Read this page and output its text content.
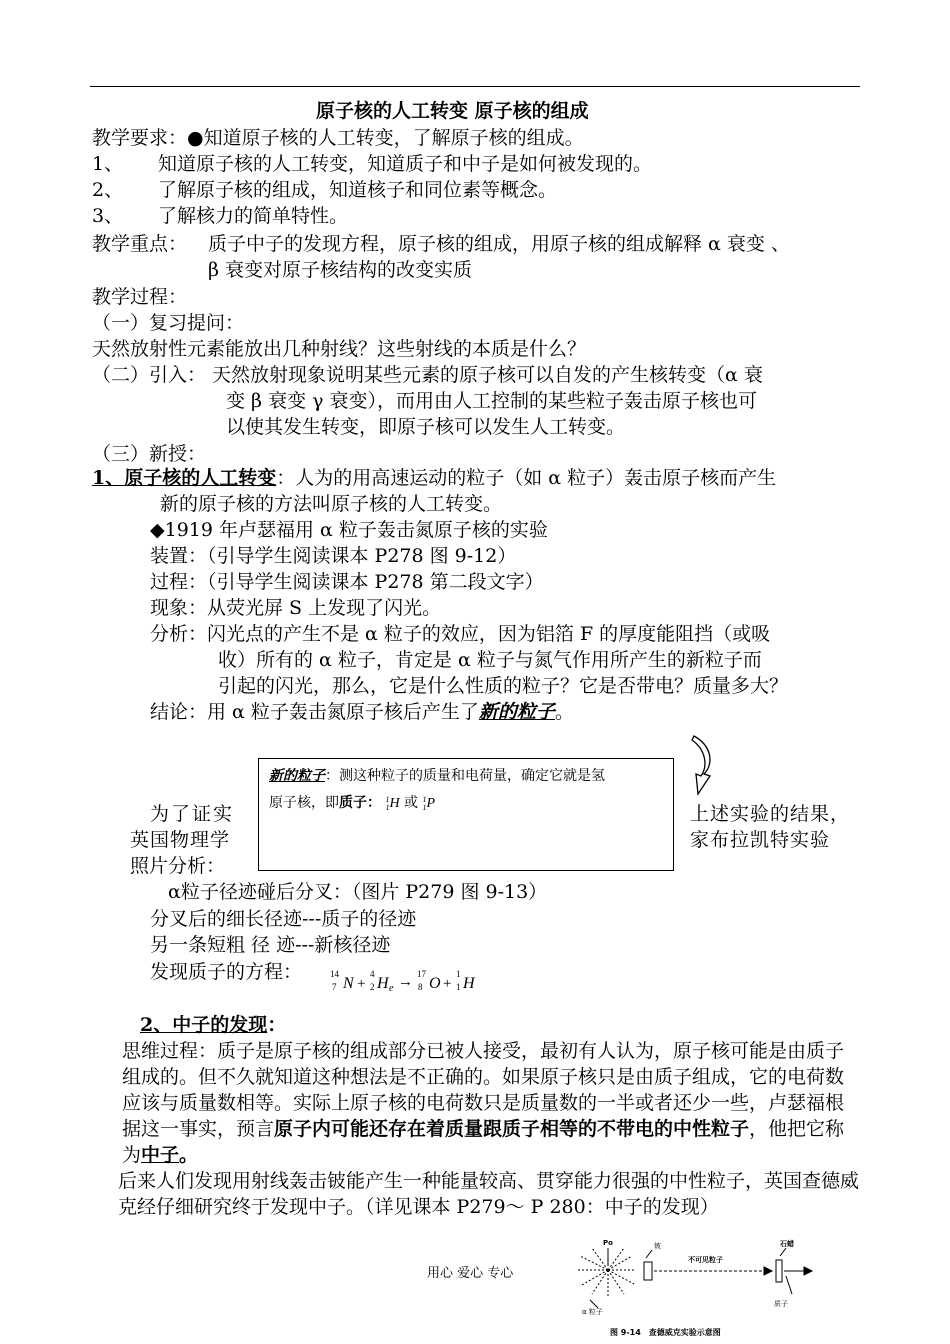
原子核的人工转变 原子核的组成
教学要求：●知道原子核的人工转变，了解原子核的组成。
1、 知道原子核的人工转变，知道质子和中子是如何被发现的。
2、 了解原子核的组成，知道核子和同位素等概念。
3、 了解核力的简单特性。
教学重点： 质子中子的发现方程，原子核的组成，用原子核的组成解释 α 衰变 、
β 衰变对原子核结构的改变实质
教学过程：
（一）复习提问：
天然放射性元素能放出几种射线？这些射线的本质是什么？
（二）引入： 天然放射现象说明某些元素的原子核可以自发的产生核转变（α 衰
变 β 衰变 γ 衰变），而用由人工控制的某些粒子轰击原子核也可
以使其发生转变，即原子核可以发生人工转变。
（三）新授：
1、原子核的人工转变：人为的用高速运动的粒子（如 α 粒子）轰击原子核而产生
新的原子核的方法叫原子核的人工转变。
◆1919 年卢瑟福用 α 粒子轰击氮原子核的实验
装置：（引导学生阅读课本 P278 图 9-12）
过程：（引导学生阅读课本 P278 第二段文字）
现象：从荧光屏 S 上发现了闪光。
分析：闪光点的产生不是 α 粒子的效应，因为铝箔 F 的厚度能阻挡（或吸
收）所有的 α 粒子，肯定是 α 粒子与氮气作用所产生的新粒子而
引起的闪光，那么，它是什么性质的粒子？它是否带电？质量多大？
结论：用 α 粒子轰击氮原子核后产生了新的粒子。
新的粒子：测这种粒子的质量和电荷量，确定它就是氢
原子核，即质子： $^1_1$H 或 $^1_1$P
为了证实
英国物理学
照片分析：
上述实验的结果，
家布拉凯特实验
α粒子径迹碰后分叉：（图片 P279 图 9-13）
分叉后的细长径迹---质子的径迹
另一条短粗 径 迹---新核径迹
发现质子的方程：	14
7 N +
4
2 H e → 17
8 O +
1
1 H
2、中子的发现：
思维过程：质子是原子核的组成部分已被人接受，最初有人认为，原子核可能是由质子组成的。但不久就知道这种想法是不正确的。如果原子核只是由质子组成，它的电荷数应该与质量数相等。实际上原子核的电荷数只是质量数的一半或者还少一些，卢瑟福根据这一事实，预言原子内可能还存在着质量跟质子相等的不带电的中性粒子，他把它称为中子。
后来人们发现用射线轰击铍能产生一种能量较高、贯穿能力很强的中性粒子，英国查德威克经仔细研究终于发现中子。（详见课本 P279～ P 280：中子的发现）
用心 爱心 专心
Po	铍
不可见粒子
石蜡
α 粒子
质子
图 9-14　查德威克实验示意图
